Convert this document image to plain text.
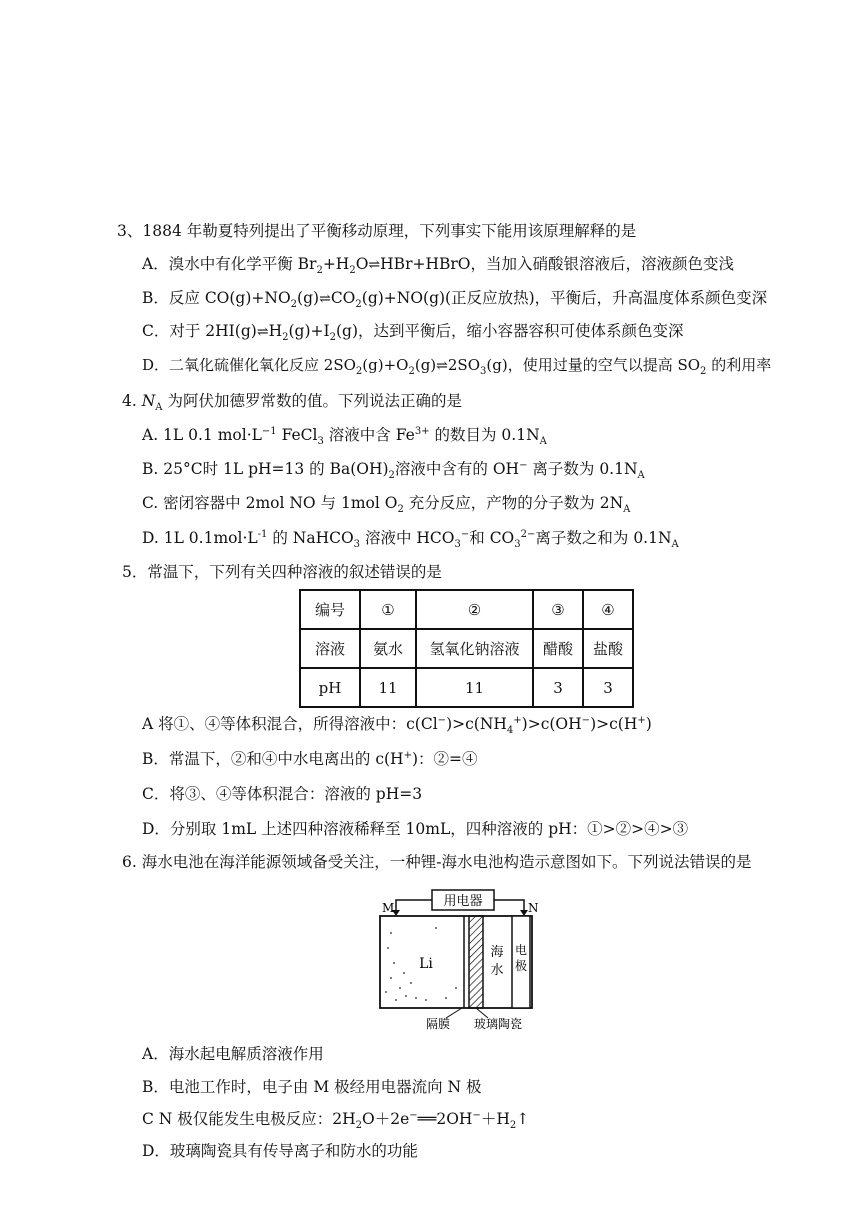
3、1884 年勒夏特列提出了平衡移动原理，下列事实下能用该原理解释的是
A．溴水中有化学平衡 $Br_2+H_2O\rightleftharpoons HBr+HBrO$，当加入硝酸银溶液后，溶液颜色变浅
B．反应 $CO(g)+NO_2(g)\rightleftharpoons CO_2(g)+NO(g)$(正反应放热)，平衡后，升高温度体系颜色变深
C．对于 $2HI(g)\rightleftharpoons H_2(g)+I_2(g)$，达到平衡后，缩小容器容积可使体系颜色变深
D．二氧化硫催化氧化反应 $2SO_2(g)+O_2(g)\rightleftharpoons 2SO_3(g)$，使用过量的空气以提高 $SO_2$ 的利用率
4. $N_A$ 为阿伏加德罗常数的值。下列说法正确的是
A. 1L 0.1 $mol\cdot L^{-1}$ FeCl$_3$ 溶液中含 $Fe^{3+}$ 的数目为 $0.1N_A$
B. 25°C时 1L pH=13 的 $Ba(OH)_2$溶液中含有的 OH− 离子数为 $0.1N_A$
C. 密闭容器中 2mol NO 与 1mol $O_2$ 充分反应，产物的分子数为 $2N_A$
D. 1L $0.1mol\cdot L^{-1}$ 的 NaHCO$_3$ 溶液中 $HCO_3^-$和 $CO_3^{2-}$离子数之和为 $0.1N_A$
5．常温下，下列有关四种溶液的叙述错误的是
编号	①	②	③	④
溶液	氨水	氢氧化钠溶液	醋酸	盐酸
pH	11	11	3	3
A 将①、④等体积混合，所得溶液中：$c(Cl^-)>c(NH_4^+)>c(OH^-)>c(H^+)$
B．常温下，②和④中水电离出的 c(H+)：②=④
C．将③、④等体积混合：溶液的 pH=3
D．分别取 1mL 上述四种溶液稀释至 10mL，四种溶液的 pH：①>②>④>③
6. 海水电池在海洋能源领域备受关注，一种锂-海水电池构造示意图如下。下列说法错误的是
用电器
M	N
Li
海
水
电
极
隔膜 玻璃陶瓷
A．海水起电解质溶液作用
B．电池工作时，电子由 M 极经用电器流向 N 极
C N 极仅能发生电极反应：$2H_2O+2e^-══2OH^-+H_2↑$
D．玻璃陶瓷具有传导离子和防水的功能
